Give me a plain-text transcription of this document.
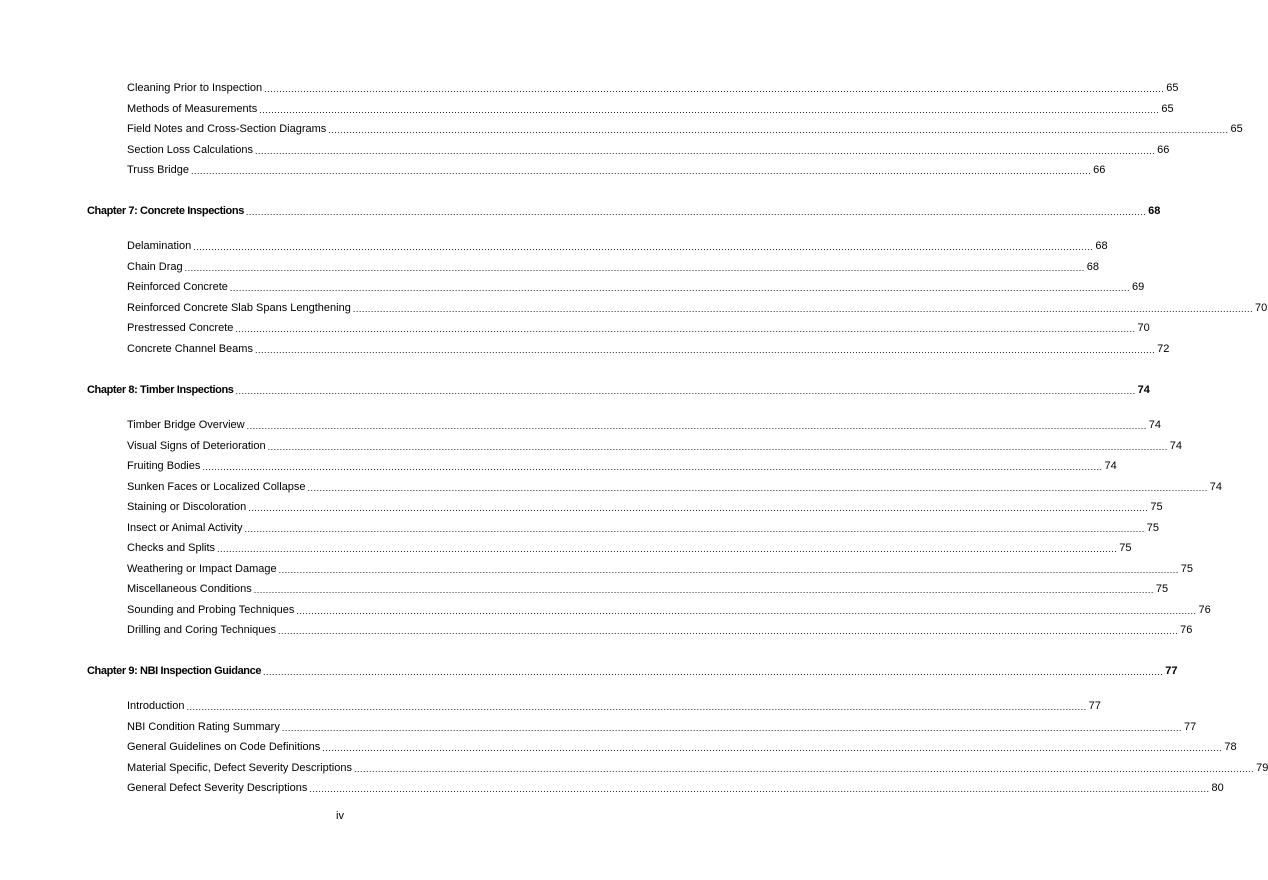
Cleaning Prior to Inspection ............................................................................................................................................................................................................................................................................................................ 65
Methods of Measurements ............................................................................................................................................................................................................................................................................................................ 65
Field Notes and Cross-Section Diagrams ............................................................................................................................................................................................................................................................................................................ 65
Section Loss Calculations ............................................................................................................................................................................................................................................................................................................ 66
Truss Bridge ............................................................................................................................................................................................................................................................................................................ 66
Chapter 7: Concrete Inspections ............................................................................................................................................................................................................................................................................................................ 68
Delamination ............................................................................................................................................................................................................................................................................................................ 68
Chain Drag ............................................................................................................................................................................................................................................................................................................ 68
Reinforced Concrete ............................................................................................................................................................................................................................................................................................................ 69
Reinforced Concrete Slab Spans Lengthening ............................................................................................................................................................................................................................................................................................................ 70
Prestressed Concrete ............................................................................................................................................................................................................................................................................................................ 70
Concrete Channel Beams ............................................................................................................................................................................................................................................................................................................ 72
Chapter 8: Timber Inspections ............................................................................................................................................................................................................................................................................................................ 74
Timber Bridge Overview ............................................................................................................................................................................................................................................................................................................ 74
Visual Signs of Deterioration ............................................................................................................................................................................................................................................................................................................ 74
Fruiting Bodies ............................................................................................................................................................................................................................................................................................................ 74
Sunken Faces or Localized Collapse ............................................................................................................................................................................................................................................................................................................ 74
Staining or Discoloration ............................................................................................................................................................................................................................................................................................................ 75
Insect or Animal Activity ............................................................................................................................................................................................................................................................................................................ 75
Checks and Splits ............................................................................................................................................................................................................................................................................................................ 75
Weathering or Impact Damage ............................................................................................................................................................................................................................................................................................................ 75
Miscellaneous Conditions ............................................................................................................................................................................................................................................................................................................ 75
Sounding and Probing Techniques ............................................................................................................................................................................................................................................................................................................ 76
Drilling and Coring Techniques ............................................................................................................................................................................................................................................................................................................ 76
Chapter 9: NBI Inspection Guidance ............................................................................................................................................................................................................................................................................................................ 77
Introduction ............................................................................................................................................................................................................................................................................................................ 77
NBI Condition Rating Summary ............................................................................................................................................................................................................................................................................................................ 77
General Guidelines on Code Definitions ............................................................................................................................................................................................................................................................................................................ 78
Material Specific, Defect Severity Descriptions ............................................................................................................................................................................................................................................................................................................ 79
General Defect Severity Descriptions ............................................................................................................................................................................................................................................................................................................ 80
iv
